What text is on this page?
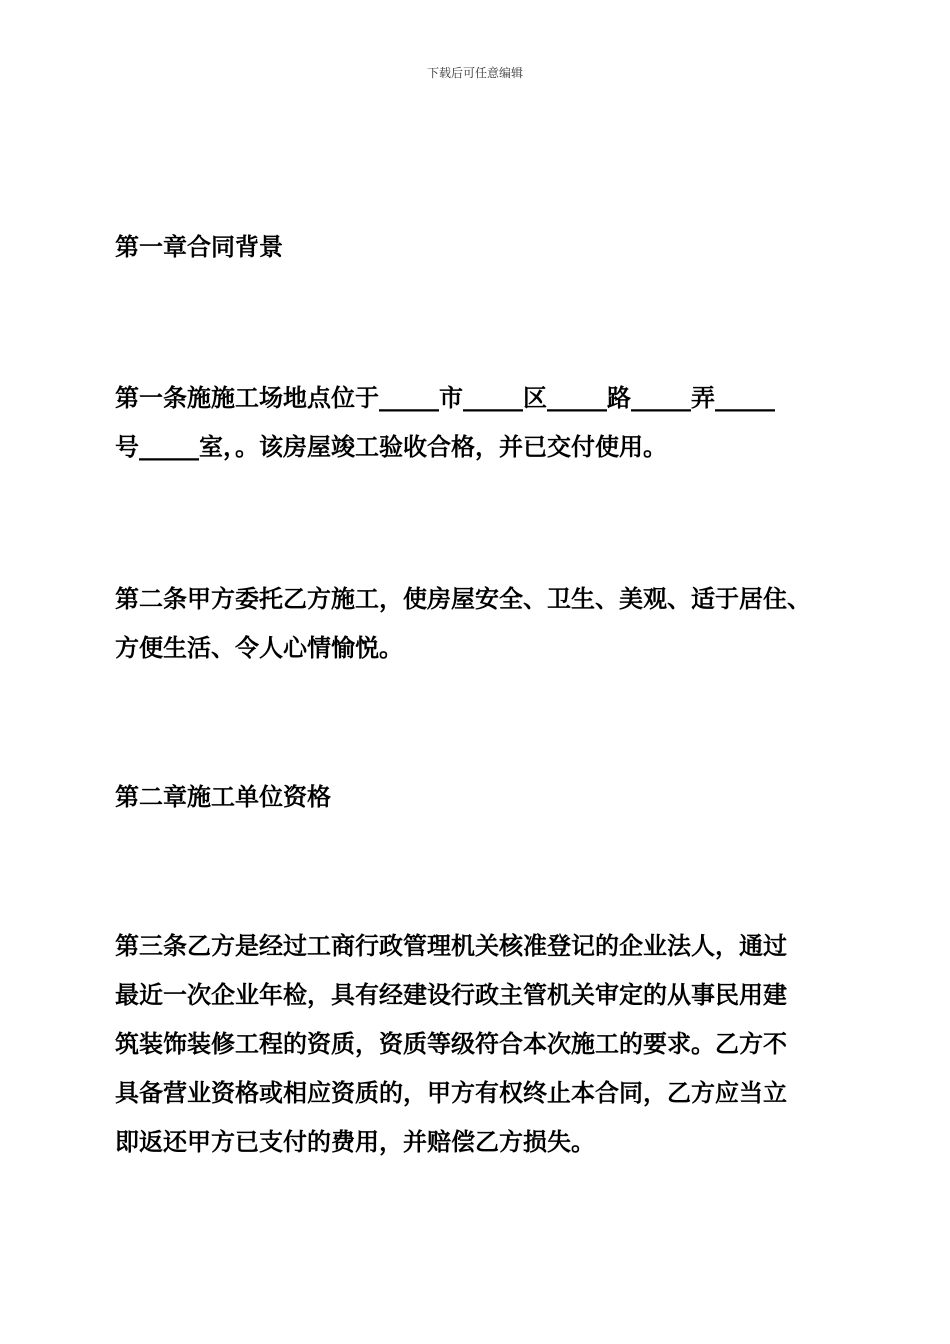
下载后可任意编辑
第一章合同背景
第一条施施工场地点位于_____市_____区_____路_____弄_____
号_____室，。该房屋竣工验收合格，并已交付使用。
第二条甲方委托乙方施工，使房屋安全、卫生、美观、适于居住、
方便生活、令人心情愉悦。
第二章施工单位资格
第三条乙方是经过工商行政管理机关核准登记的企业法人，通过
最近一次企业年检，具有经建设行政主管机关审定的从事民用建
筑装饰装修工程的资质，资质等级符合本次施工的要求。乙方不
具备营业资格或相应资质的，甲方有权终止本合同，乙方应当立
即返还甲方已支付的费用，并赔偿乙方损失。
